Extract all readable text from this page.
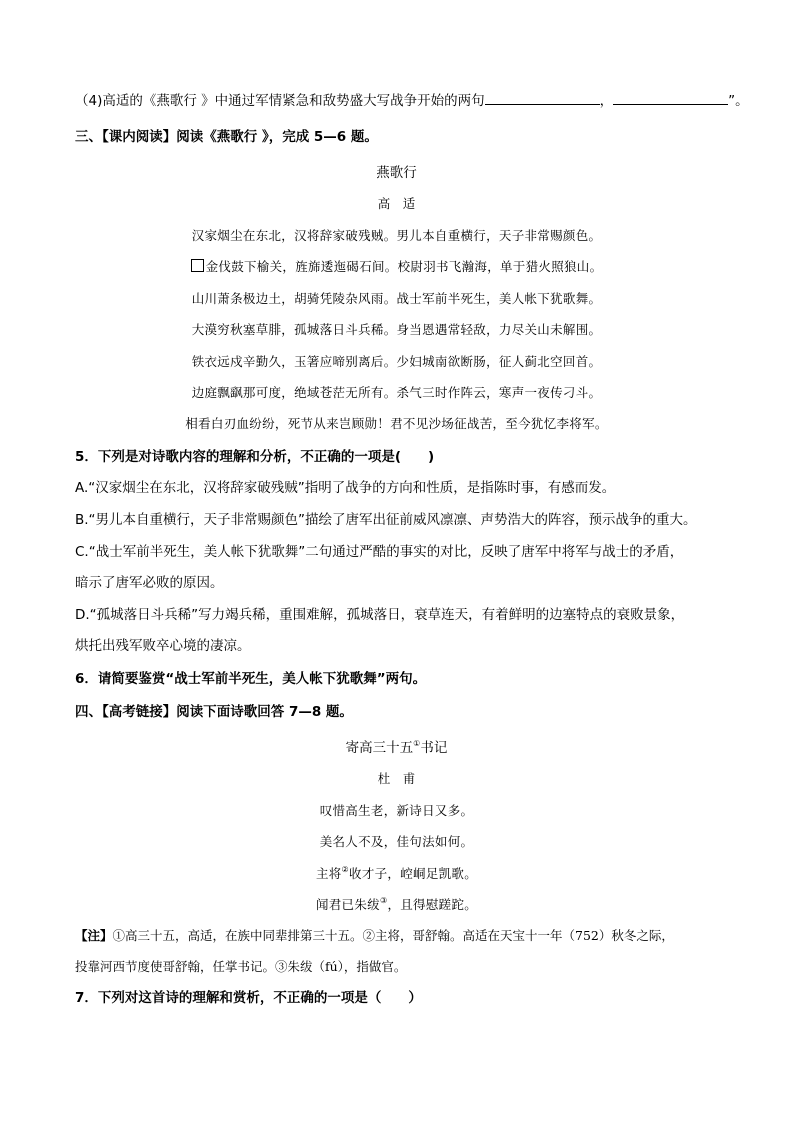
（4)高适的《燕歌行 》中通过军情紧急和敌势盛大写战争开始的两句	，	”。
三、【课内阅读】阅读《燕歌行 》，完成 5—6 题。
燕歌行
高　适
汉家烟尘在东北，汉将辞家破残贼。男儿本自重横行，天子非常赐颜色。
金伐鼓下榆关，旌旆逶迤碣石间。校尉羽书飞瀚海，单于猎火照狼山。
山川萧条极边土，胡骑凭陵杂风雨。战士军前半死生，美人帐下犹歌舞。
大漠穷秋塞草腓，孤城落日斗兵稀。身当恩遇常轻敌，力尽关山未解围。
铁衣远戍辛勤久，玉箸应啼别离后。少妇城南欲断肠，征人蓟北空回首。
边庭飘飖那可度，绝域苍茫无所有。杀气三时作阵云，寒声一夜传刁斗。
相看白刃血纷纷，死节从来岂顾勋！君不见沙场征战苦，至今犹忆李将军。
5．下列是对诗歌内容的理解和分析，不正确的一项是(　　)
A.“汉家烟尘在东北，汉将辞家破残贼”指明了战争的方向和性质，是指陈时事，有感而发。
B.“男儿本自重横行，天子非常赐颜色”描绘了唐军出征前威风凛凛、声势浩大的阵容，预示战争的重大。
C.“战士军前半死生，美人帐下犹歌舞”二句通过严酷的事实的对比，反映了唐军中将军与战士的矛盾，
暗示了唐军必败的原因。
D.“孤城落日斗兵稀”写力竭兵稀，重围难解，孤城落日，衰草连天，有着鲜明的边塞特点的衰败景象，
烘托出残军败卒心境的凄凉。
6．请简要鉴赏“战士军前半死生，美人帐下犹歌舞”两句。
四、【高考链接】阅读下面诗歌回答 7—8 题。
寄高三十五①书记
杜　甫
叹惜高生老，新诗日又多。
美名人不及，佳句法如何。
主将②收才子，崆峒足凯歌。
闻君已朱绂③，且得慰蹉跎。
【注】①高三十五，高适，在族中同辈排第三十五。②主将，哥舒翰。高适在天宝十一年（752）秋冬之际，
投靠河西节度使哥舒翰，任掌书记。③朱绂（fú），指做官。
7．下列对这首诗的理解和赏析，不正确的一项是（　　）
